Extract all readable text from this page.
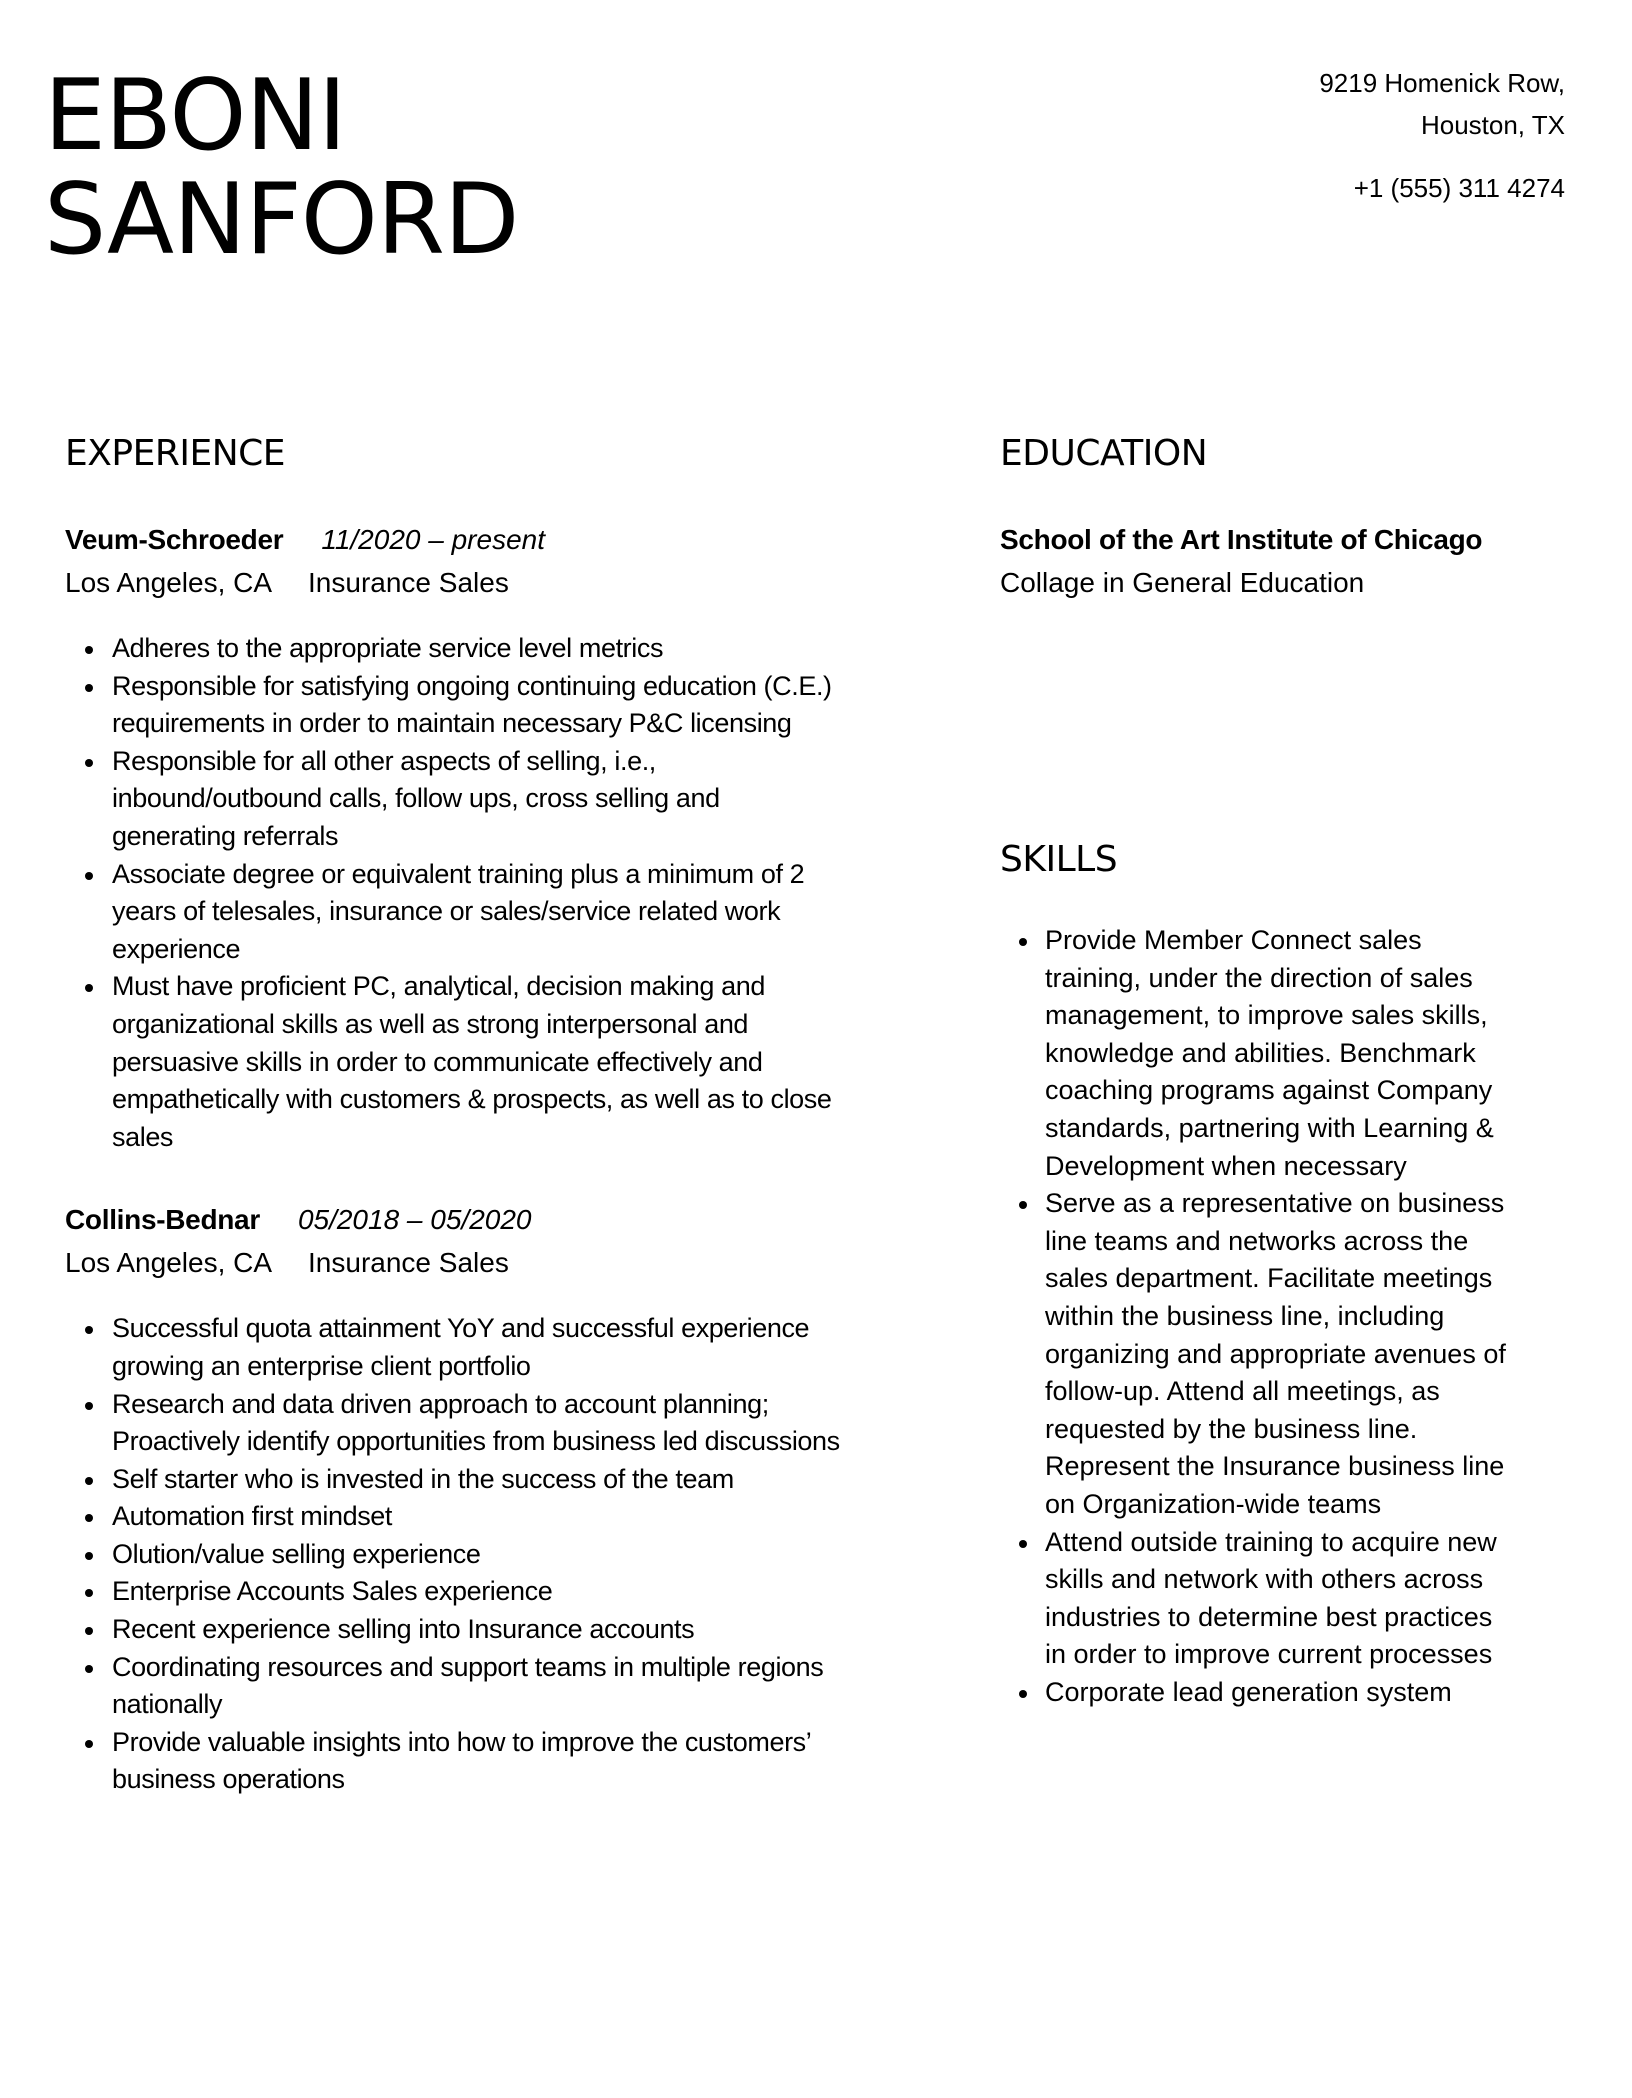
EBONI
SANFORD
9219 Homenick Row,
Houston, TX
+1 (555) 311 4274
EXPERIENCE
Veum-Schroeder 11/2020 – present
Los Angeles, CA Insurance Sales
Adheres to the appropriate service level metrics
Responsible for satisfying ongoing continuing education (C.E.)
requirements in order to maintain necessary P&C licensing
Responsible for all other aspects of selling, i.e.,
inbound/outbound calls, follow ups, cross selling and
generating referrals
Associate degree or equivalent training plus a minimum of 2
years of telesales, insurance or sales/service related work
experience
Must have proficient PC, analytical, decision making and
organizational skills as well as strong interpersonal and
persuasive skills in order to communicate effectively and
empathetically with customers & prospects, as well as to close
sales
Collins-Bednar 05/2018 – 05/2020
Los Angeles, CA Insurance Sales
Successful quota attainment YoY and successful experience
growing an enterprise client portfolio
Research and data driven approach to account planning;
Proactively identify opportunities from business led discussions
Self starter who is invested in the success of the team
Automation first mindset
Olution/value selling experience
Enterprise Accounts Sales experience
Recent experience selling into Insurance accounts
Coordinating resources and support teams in multiple regions
nationally
Provide valuable insights into how to improve the customers’
business operations
EDUCATION
School of the Art Institute of Chicago
Collage in General Education
SKILLS
Provide Member Connect sales
training, under the direction of sales
management, to improve sales skills,
knowledge and abilities. Benchmark
coaching programs against Company
standards, partnering with Learning &
Development when necessary
Serve as a representative on business
line teams and networks across the
sales department. Facilitate meetings
within the business line, including
organizing and appropriate avenues of
follow-up. Attend all meetings, as
requested by the business line.
Represent the Insurance business line
on Organization-wide teams
Attend outside training to acquire new
skills and network with others across
industries to determine best practices
in order to improve current processes
Corporate lead generation system
